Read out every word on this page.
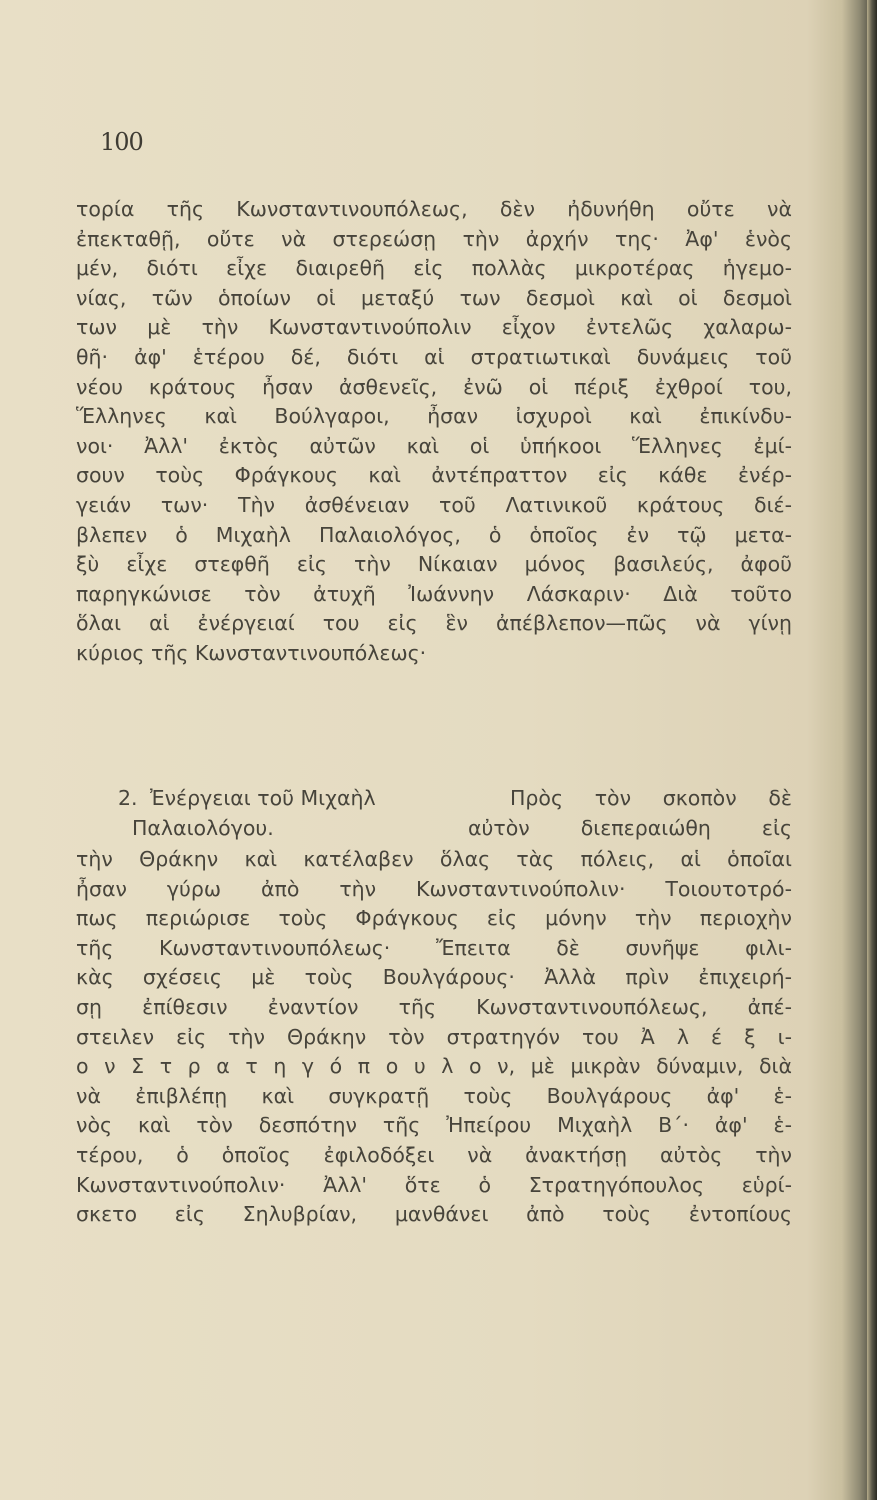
100
τορία τῆς Κωνσταντινουπόλεως, δὲν ἠδυνήθη οὔτε νὰ
ἐπεκταθῇ, οὔτε νὰ στερεώσῃ τὴν ἀρχήν της· Ἀφ' ἑνὸς
μέν, διότι εἶχε διαιρεθῆ εἰς πολλὰς μικροτέρας ἡγεμο-
νίας, τῶν ὁποίων οἱ μεταξύ των δεσμοὶ καὶ οἱ δεσμοὶ
των μὲ τὴν Κωνσταντινούπολιν εἶχον ἐντελῶς χαλαρω-
θῆ· ἀφ' ἑτέρου δέ, διότι αἱ στρατιωτικαὶ δυνάμεις τοῦ
νέου κράτους ἦσαν ἀσθενεῖς, ἐνῶ οἱ πέριξ ἐχθροί του,
Ἕλληνες καὶ Βούλγαροι, ἦσαν ἰσχυροὶ καὶ ἐπικίνδυ-
νοι· Ἀλλ' ἐκτὸς αὐτῶν καὶ οἱ ὑπήκοοι Ἕλληνες ἐμί-
σουν τοὺς Φράγκους καὶ ἀντέπραττον εἰς κάθε ἐνέρ-
γειάν των· Τὴν ἀσθένειαν τοῦ Λατινικοῦ κράτους διέ-
βλεπεν ὁ Μιχαὴλ Παλαιολόγος, ὁ ὁποῖος ἐν τῷ μετα-
ξὺ εἶχε στεφθῆ εἰς τὴν Νίκαιαν μόνος βασιλεύς, ἀφοῦ
παρηγκώνισε τὸν ἀτυχῆ Ἰωάννην Λάσκαριν· Διὰ τοῦτο
ὅλαι αἱ ἐνέργειαί του εἰς ἓν ἀπέβλεπον—πῶς νὰ γίνῃ
κύριος τῆς Κωνσταντινουπόλεως·
2. Ἐνέργειαι τοῦ Μιχαὴλ
Παλαιολόγου.
Πρὸς τὸν σκοπὸν δὲ
αὐτὸν διεπεραιώθη εἰς
τὴν Θράκην καὶ κατέλαβεν ὅλας τὰς πόλεις, αἱ ὁποῖαι
ἦσαν γύρω ἀπὸ τὴν Κωνσταντινούπολιν· Τοιουτοτρό-
πως περιώρισε τοὺς Φράγκους εἰς μόνην τὴν περιοχὴν
τῆς Κωνσταντινουπόλεως· Ἔπειτα δὲ συνῆψε φιλι-
κὰς σχέσεις μὲ τοὺς Βουλγάρους· Ἀλλὰ πρὶν ἐπιχειρή-
σῃ ἐπίθεσιν ἐναντίον τῆς Κωνσταντινουπόλεως, ἀπέ-
στειλεν εἰς τὴν Θράκην τὸν στρατηγόν του Ἀ λ έ ξ ι-
ο ν Σ τ ρ α τ η γ ό π ο υ λ ο ν, μὲ μικρὰν δύναμιν, διὰ
νὰ ἐπιβλέπῃ καὶ συγκρατῇ τοὺς Βουλγάρους ἀφ' ἑ-
νὸς καὶ τὸν δεσπότην τῆς Ἠπείρου Μιχαὴλ Β΄· ἀφ' ἑ-
τέρου, ὁ ὁποῖος ἐφιλοδόξει νὰ ἀνακτήσῃ αὐτὸς τὴν
Κωνσταντινούπολιν· Ἀλλ' ὅτε ὁ Στρατηγόπουλος εὑρί-
σκετο εἰς Σηλυβρίαν, μανθάνει ἀπὸ τοὺς ἐντοπίους
